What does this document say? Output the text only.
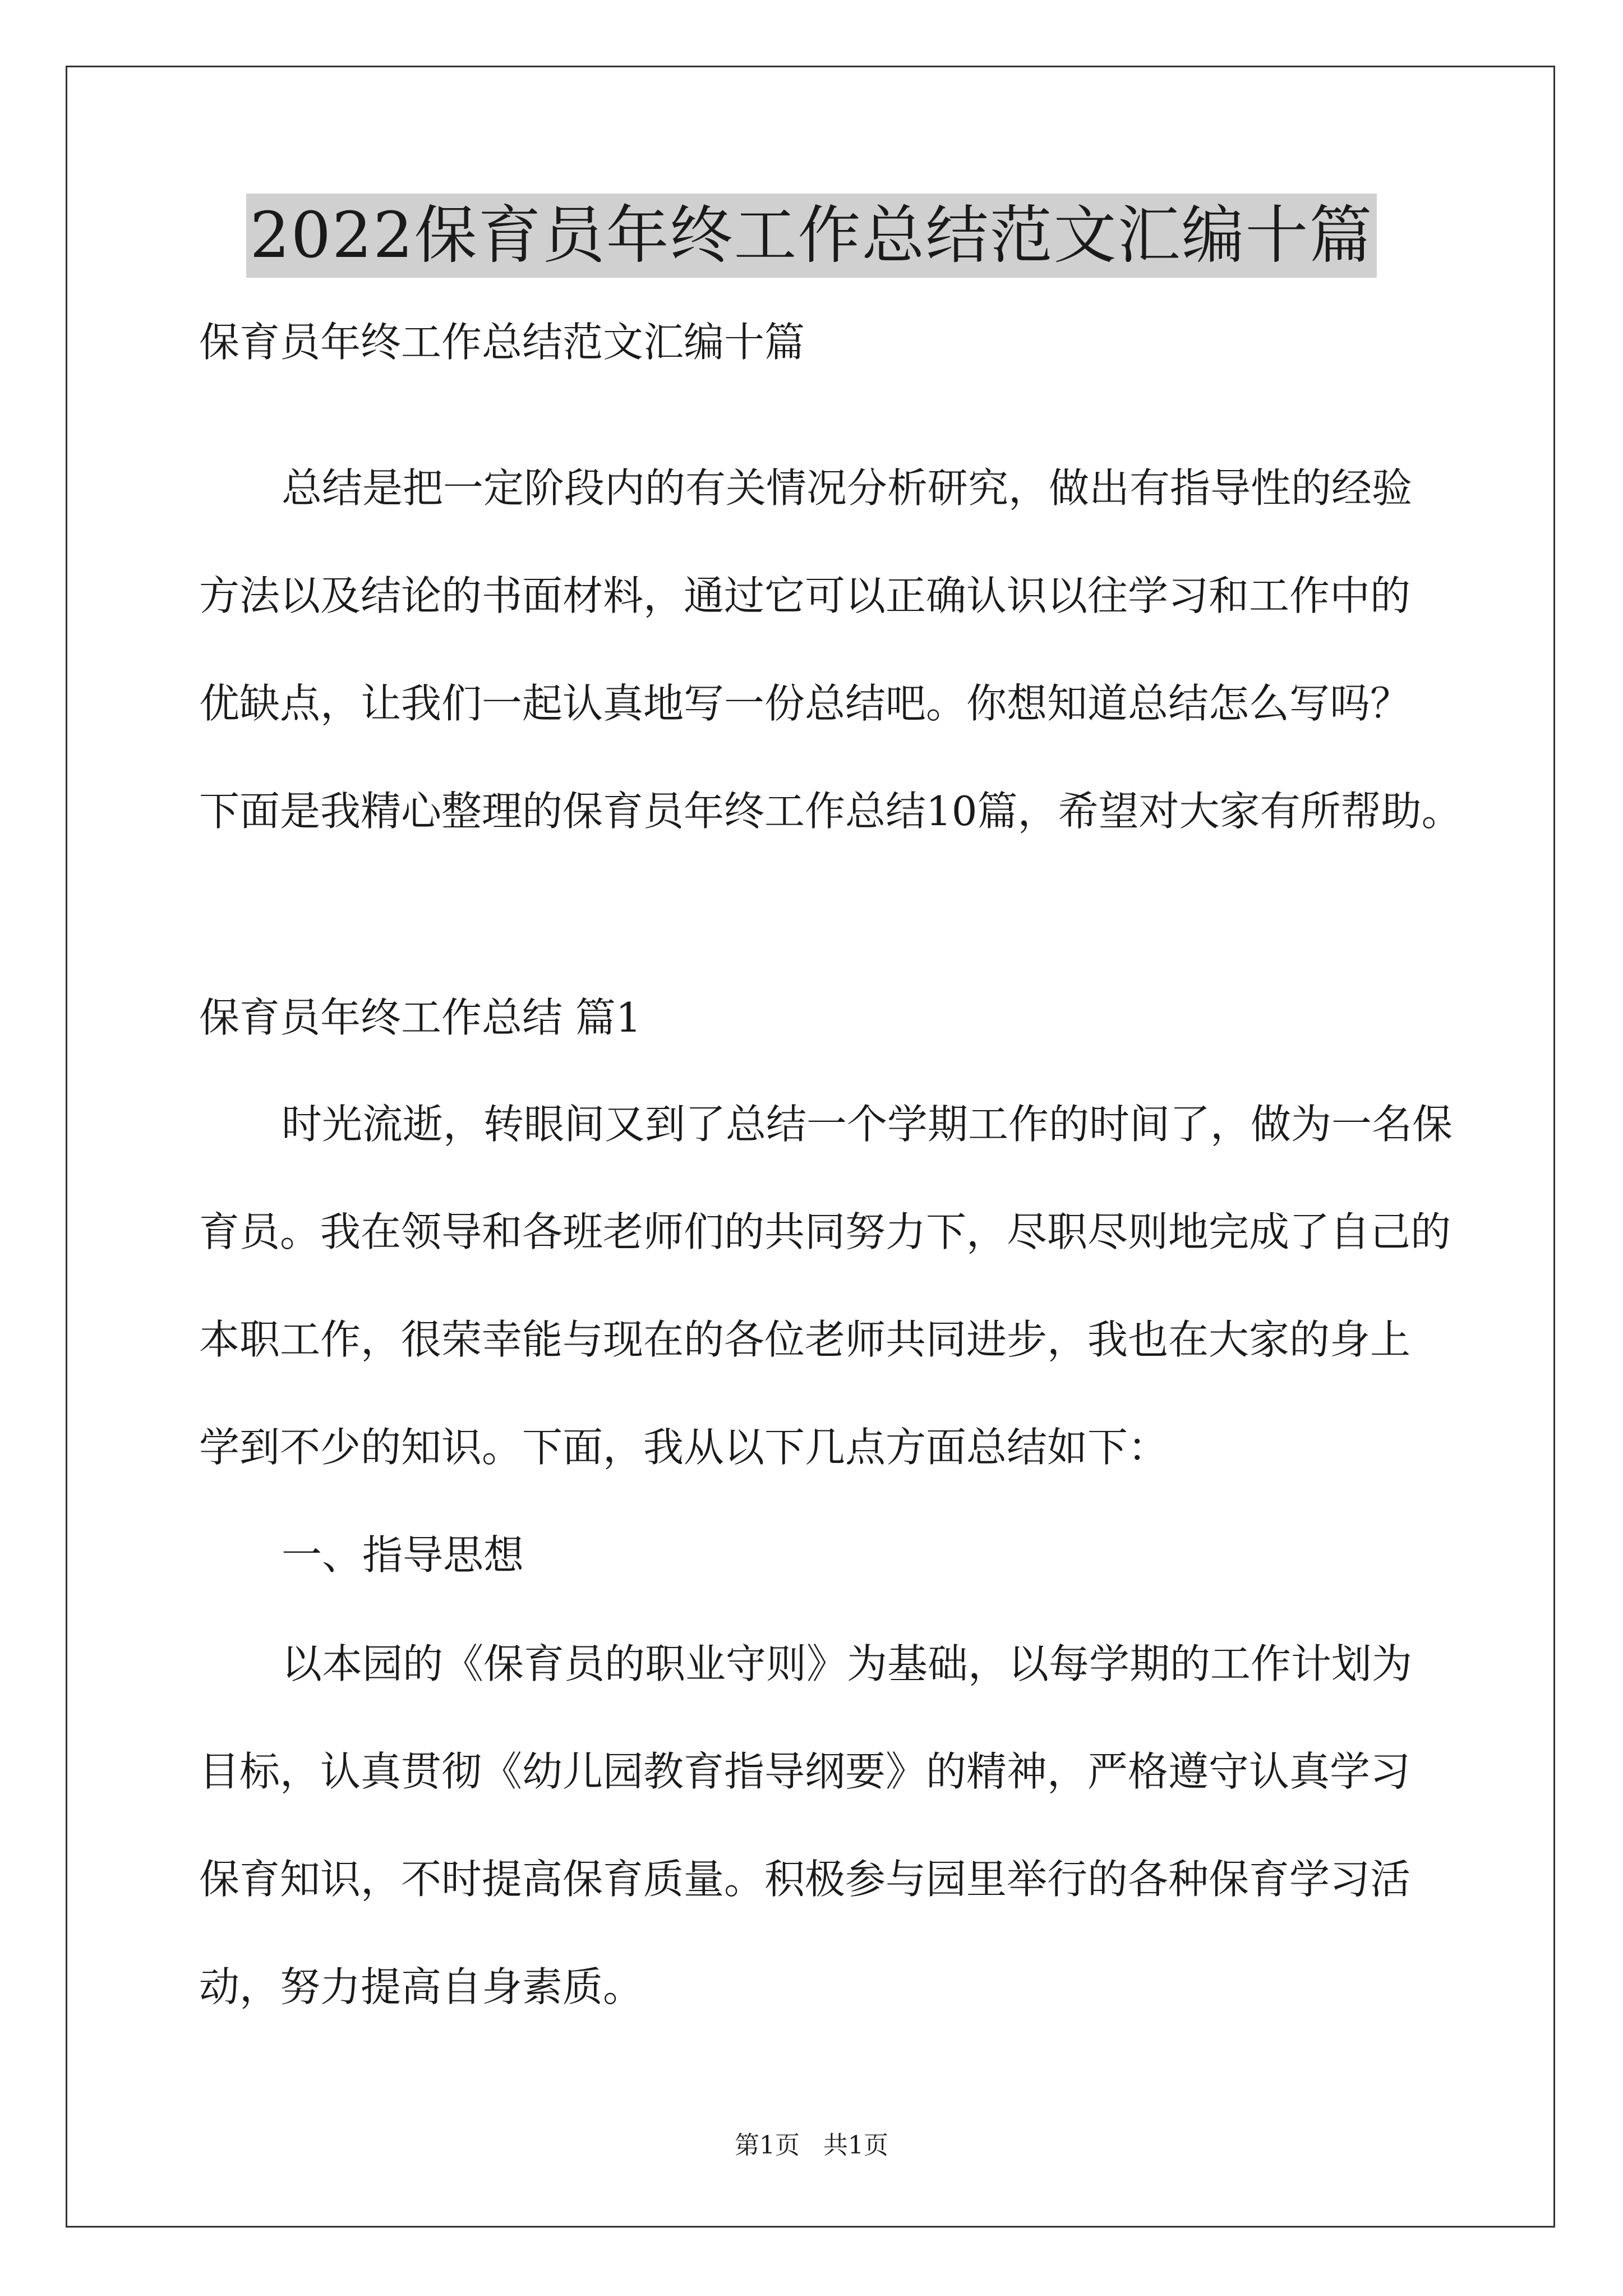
2022保育员年终工作总结范文汇编十篇

保育员年终工作总结范文汇编十篇

总结是把一定阶段内的有关情况分析研究，做出有指导性的经验

方法以及结论的书面材料，通过它可以正确认识以往学习和工作中的

优缺点，让我们一起认真地写一份总结吧。你想知道总结怎么写吗？

下面是我精心整理的保育员年终工作总结10篇，希望对大家有所帮助。

保育员年终工作总结 篇1

时光流逝，转眼间又到了总结一个学期工作的时间了，做为一名保

育员。我在领导和各班老师们的共同努力下，尽职尽则地完成了自己的

本职工作，很荣幸能与现在的各位老师共同进步，我也在大家的身上

学到不少的知识。下面，我从以下几点方面总结如下：

一、指导思想

以本园的《保育员的职业守则》为基础，以每学期的工作计划为

目标，认真贯彻《幼儿园教育指导纲要》的精神，严格遵守认真学习

保育知识，不时提高保育质量。积极参与园里举行的各种保育学习活

动，努力提高自身素质。

第1页   共1页
